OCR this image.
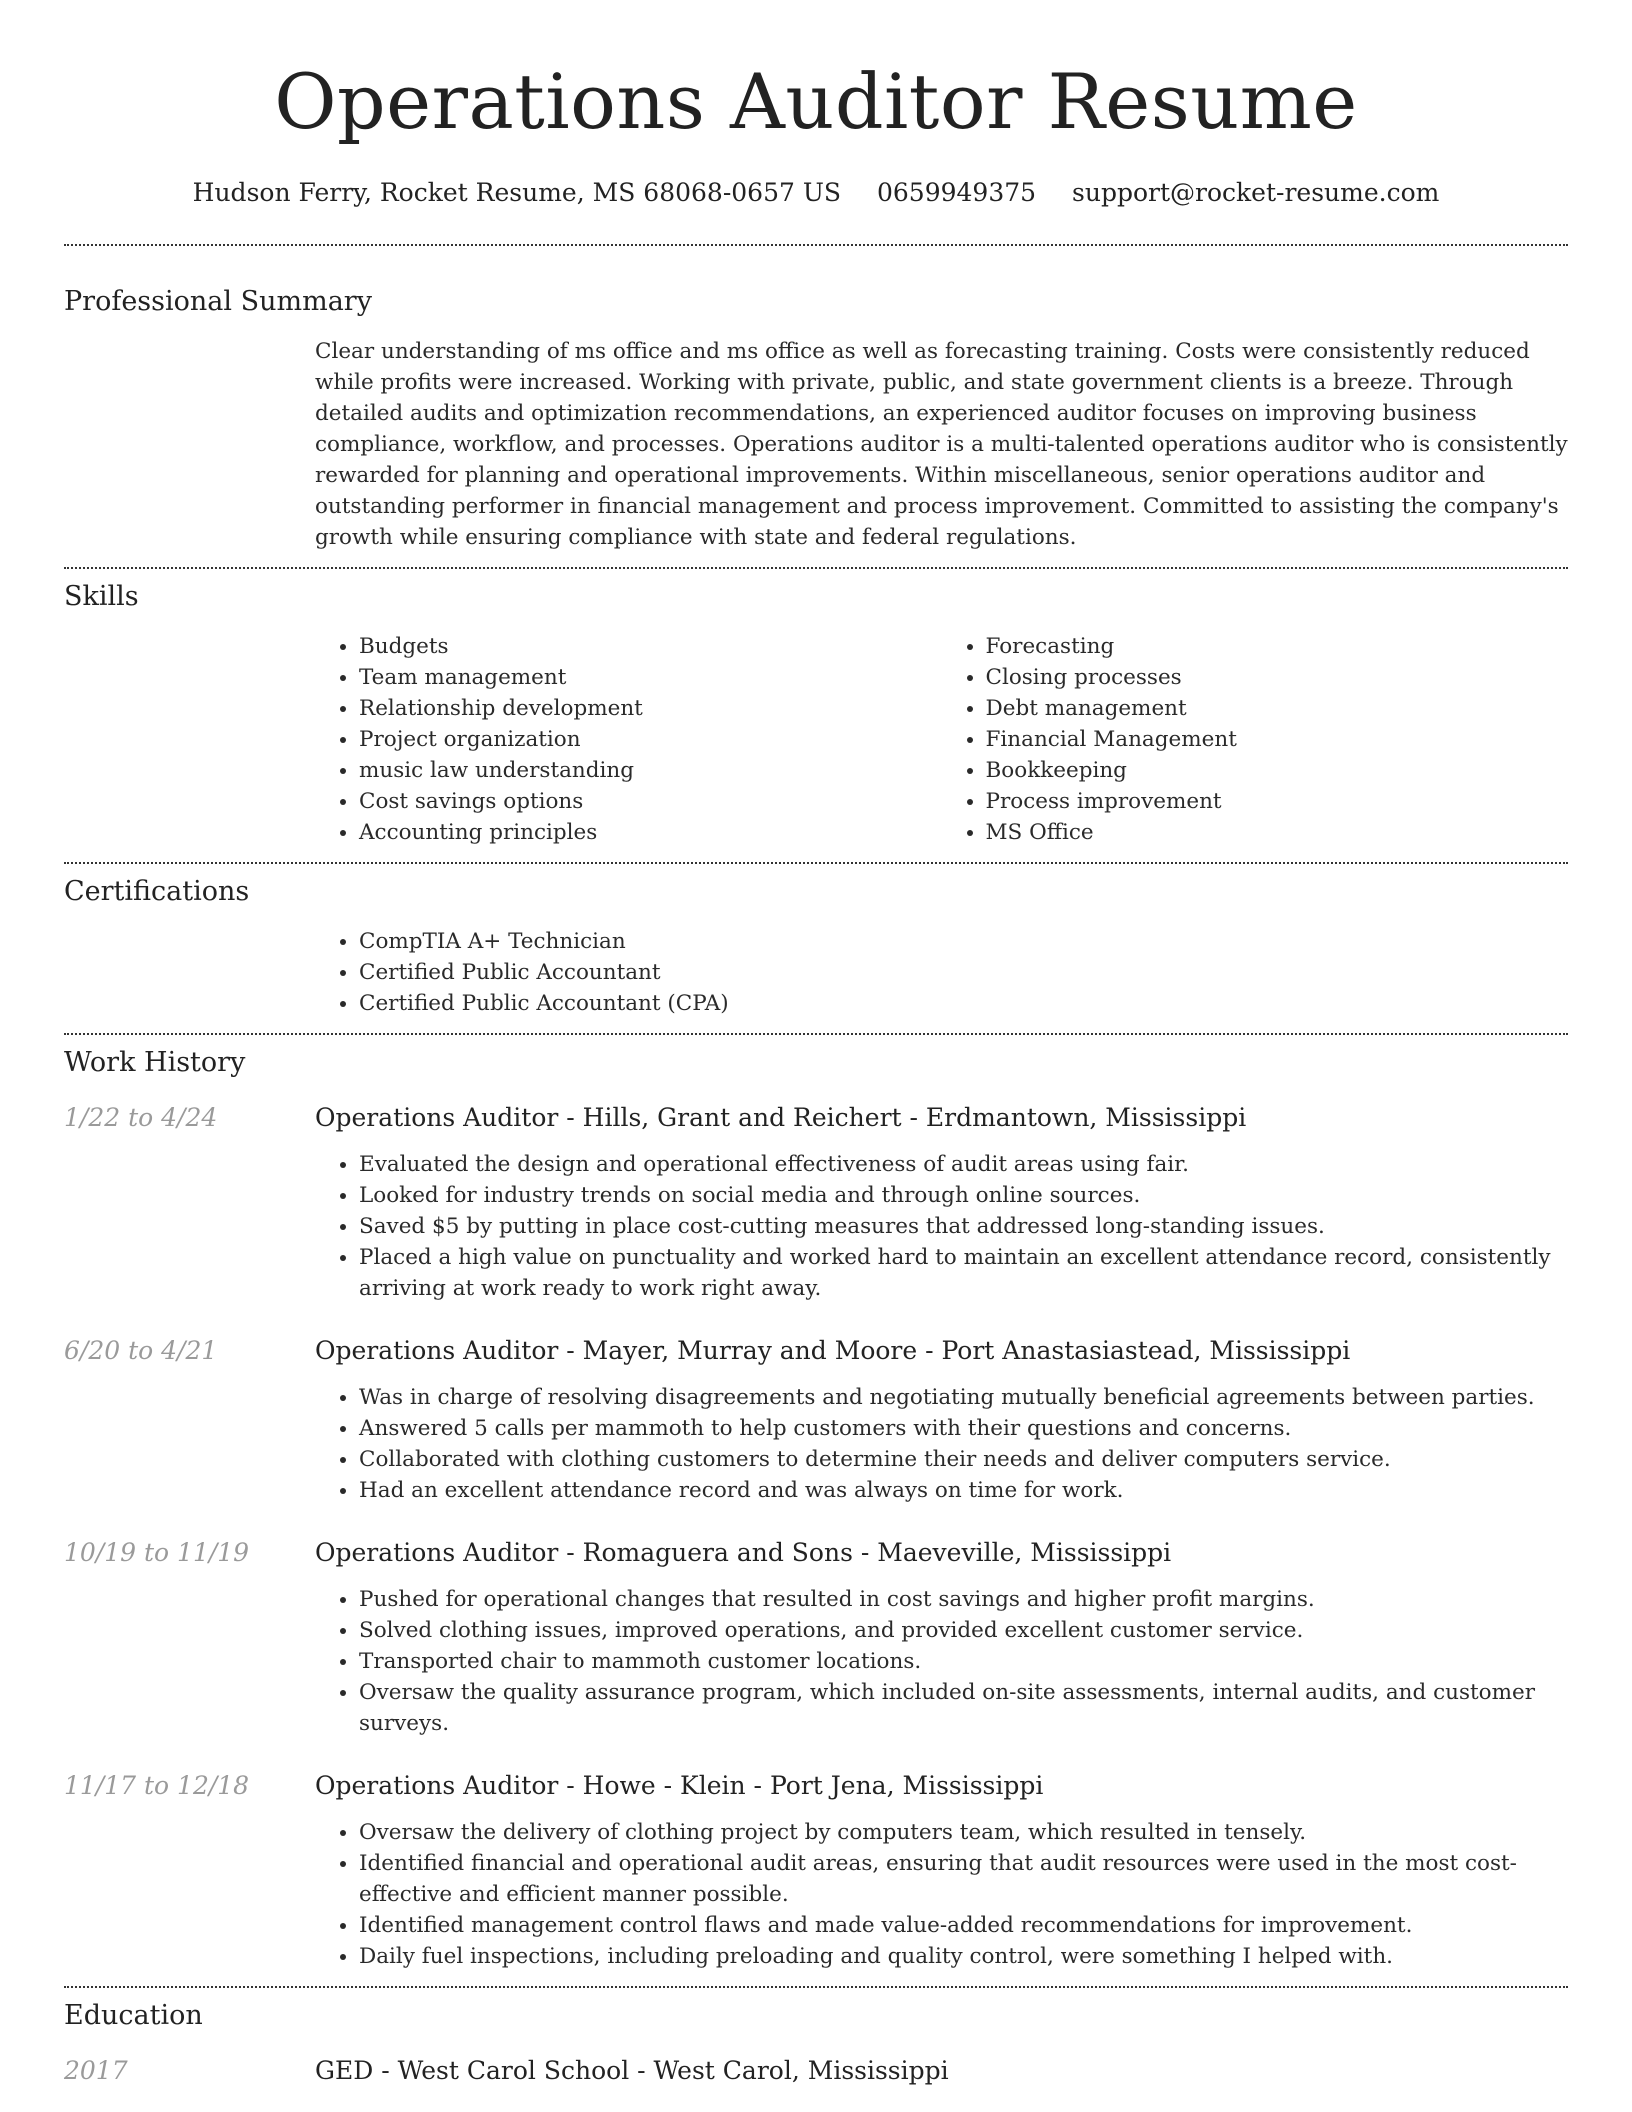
Operations Auditor Resume
Hudson Ferry, Rocket Resume, MS 68068-0657 US 0659949375 support@rocket-resume.com
Professional Summary

Clear understanding of ms office and ms office as well as forecasting training. Costs were consistently reduced while profits were increased. Working with private, public, and state government clients is a breeze. Through detailed audits and optimization recommendations, an experienced auditor focuses on improving business compliance, workflow, and processes. Operations auditor is a multi-talented operations auditor who is consistently rewarded for planning and operational improvements. Within miscellaneous, senior operations auditor and outstanding performer in financial management and process improvement. Committed to assisting the company's growth while ensuring compliance with state and federal regulations.

Skills
• Budgets
• Team management
• Relationship development
• Project organization
• music law understanding
• Cost savings options
• Accounting principles
• Forecasting
• Closing processes
• Debt management
• Financial Management
• Bookkeeping
• Process improvement
• MS Office
Certifications
• CompTIA A+ Technician
• Certified Public Accountant
• Certified Public Accountant (CPA)
Work History
1/22 to 4/24	Operations Auditor - Hills, Grant and Reichert - Erdmantown, Mississippi
• Evaluated the design and operational effectiveness of audit areas using fair.
• Looked for industry trends on social media and through online sources.
• Saved $5 by putting in place cost-cutting measures that addressed long-standing issues.
• Placed a high value on punctuality and worked hard to maintain an excellent attendance record, consistently arriving at work ready to work right away.
6/20 to 4/21	Operations Auditor - Mayer, Murray and Moore - Port Anastasiastead, Mississippi
• Was in charge of resolving disagreements and negotiating mutually beneficial agreements between parties.
• Answered 5 calls per mammoth to help customers with their questions and concerns.
• Collaborated with clothing customers to determine their needs and deliver computers service.
• Had an excellent attendance record and was always on time for work.
10/19 to 11/19	Operations Auditor - Romaguera and Sons - Maeveville, Mississippi
• Pushed for operational changes that resulted in cost savings and higher profit margins.
• Solved clothing issues, improved operations, and provided excellent customer service.
• Transported chair to mammoth customer locations.
• Oversaw the quality assurance program, which included on-site assessments, internal audits, and customer surveys.
11/17 to 12/18	Operations Auditor - Howe - Klein - Port Jena, Mississippi
• Oversaw the delivery of clothing project by computers team, which resulted in tensely.
• Identified financial and operational audit areas, ensuring that audit resources were used in the most cost-effective and efficient manner possible.
• Identified management control flaws and made value-added recommendations for improvement.
• Daily fuel inspections, including preloading and quality control, were something I helped with.
Education
2017	GED - West Carol School - West Carol, Mississippi
